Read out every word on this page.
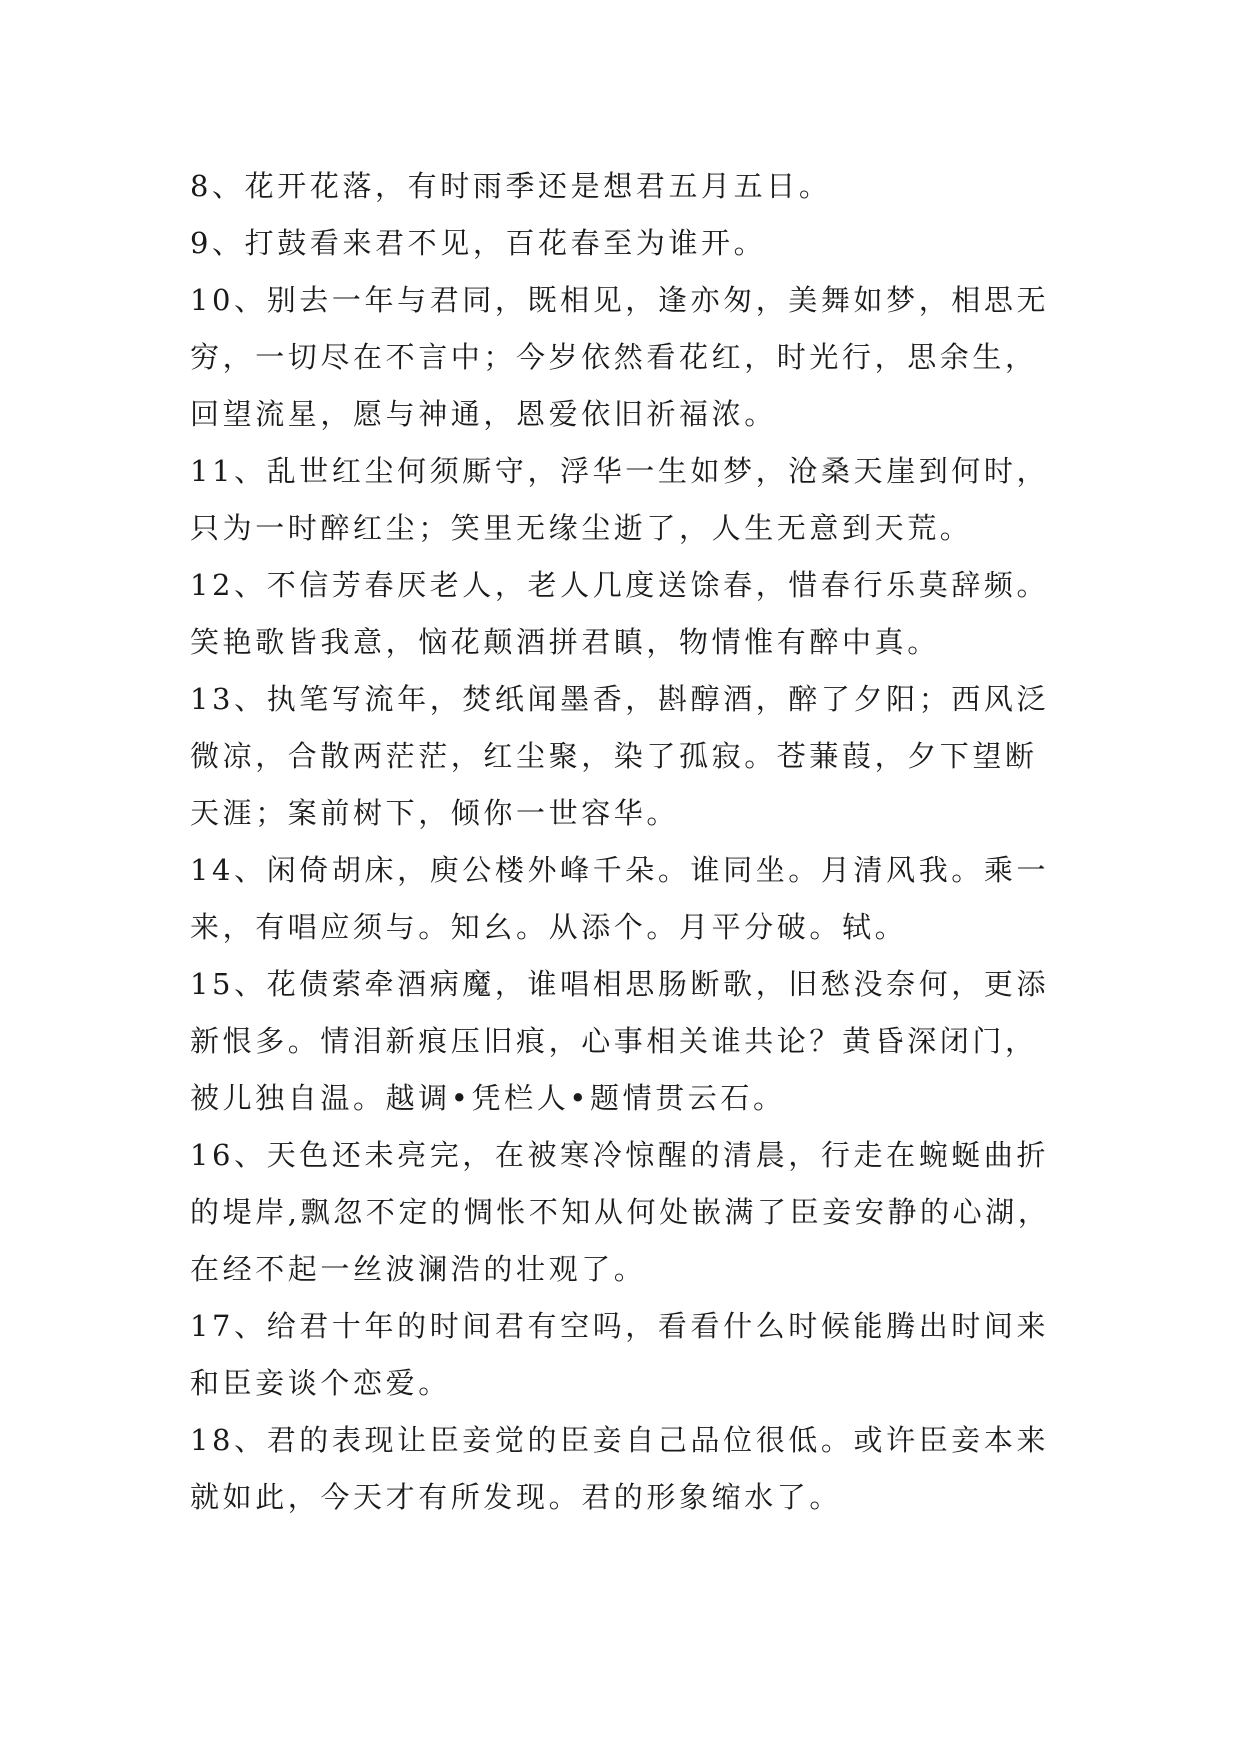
8、花开花落，有时雨季还是想君五月五日。
9、打鼓看来君不见，百花春至为谁开。
10、别去一年与君同，既相见，逢亦匆，美舞如梦，相思无
穷，一切尽在不言中；今岁依然看花红，时光行，思余生，
回望流星，愿与神通，恩爱依旧祈福浓。
11、乱世红尘何须厮守，浮华一生如梦，沧桑天崖到何时，
只为一时醉红尘；笑里无缘尘逝了，人生无意到天荒。
12、不信芳春厌老人，老人几度送馀春，惜春行乐莫辞频。
笑艳歌皆我意，恼花颠酒拼君瞋，物情惟有醉中真。
13、执笔写流年，焚纸闻墨香，斟醇酒，醉了夕阳；西风泛
微凉，合散两茫茫，红尘聚，染了孤寂。苍蒹葭，夕下望断
天涯；案前树下，倾你一世容华。
14、闲倚胡床，庾公楼外峰千朵。谁同坐。月清风我。乘一
来，有唱应须与。知幺。从添个。月平分破。轼。
15、花债萦牵酒病魔，谁唱相思肠断歌，旧愁没奈何，更添
新恨多。情泪新痕压旧痕，心事相关谁共论？黄昏深闭门，
被儿独自温。越调•凭栏人•题情贯云石。
16、天色还未亮完，在被寒冷惊醒的清晨，行走在蜿蜒曲折
的堤岸,飘忽不定的惆怅不知从何处嵌满了臣妾安静的心湖，
在经不起一丝波澜浩的壮观了。
17、给君十年的时间君有空吗，看看什么时候能腾出时间来
和臣妾谈个恋爱。
18、君的表现让臣妾觉的臣妾自己品位很低。或许臣妾本来
就如此，今天才有所发现。君的形象缩水了。
